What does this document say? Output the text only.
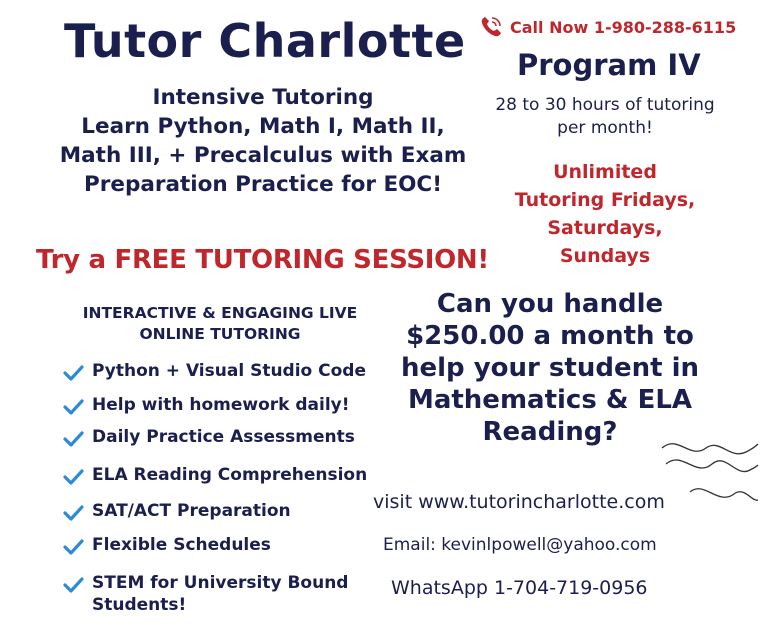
Tutor Charlotte
Intensive Tutoring
Learn Python, Math I, Math II,
Math III, + Precalculus with Exam
Preparation Practice for EOC!
Try a FREE TUTORING SESSION!
Call Now 1-980-288-6115
Program IV
28 to 30 hours of tutoring
per month!
Unlimited
Tutoring Fridays,
Saturdays,
Sundays
INTERACTIVE & ENGAGING LIVE
ONLINE TUTORING
Python + Visual Studio Code
Help with homework daily!
Daily Practice Assessments
ELA Reading Comprehension
SAT/ACT Preparation
Flexible Schedules
STEM for University Bound
Students!
Can you handle
$250.00 a month to
help your student in
Mathematics & ELA
Reading?
visit www.tutorincharlotte.com
Email: kevinlpowell@yahoo.com
WhatsApp 1-704-719-0956
